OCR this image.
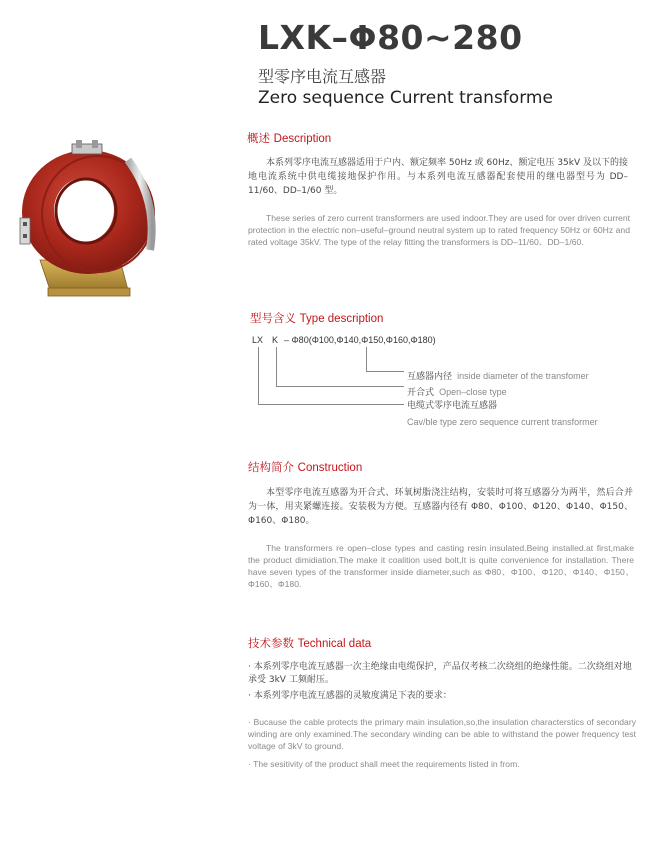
LXK–Φ80~280
型零序电流互感器
Zero sequence Current transforme
概述 Description
本系列零序电流互感器适用于户内、额定频率 50Hz 或 60Hz、额定电压 35kV 及以下的接地电流系统中供电缆接地保护作用。与本系列电流互感器配套使用的继电器型号为 DD–11/60、DD–1/60 型。
These series of zero current transformers are used indoor.They are used for over driven current protection in the electric non–useful–ground neutral system up to rated frequency 50Hz or 60Hz and rated voltage 35kV. The type of the relay fitting the transformers is DD–11/60、DD–1/60.
型号含义 Type description
LX K – Φ80(Φ100,Φ140,Φ150,Φ160,Φ180)
互感器内径 inside diameter of the transfomer
开合式 Open–close type
电缆式零序电流互感器
Cav/ble type zero sequence current transformer
结构简介 Construction
本型零序电流互感器为开合式、环氧树脂浇注结构，安装时可将互感器分为两半，然后合并为一体，用夹紧螺连接。安装极为方便。互感器内径有 Φ80、Φ100、Φ120、Φ140、Φ150、Φ160、Φ180。
The transformers re open–close types and casting resin insulated.Being installed.at first,make the product dimidiation.The make it coalition used bolt,It is quite convenience for installation. There have seven types of the transformer inside diameter,such as Φ80、Φ100、Φ120、Φ140、Φ150、Φ160、Φ180.
技术参数 Technical data
· 本系列零序电流互感器一次主绝缘由电缆保护，产品仅考核二次绕组的绝缘性能。二次绕组对地承受 3kV 工频耐压。
· 本系列零序电流互感器的灵敏度满足下表的要求：
· Bucause the cable protects the primary main insulation,so,the insulation characterstics of secondary winding are only examined.The secondary winding can be able to withstand the power frequency test voltage of 3kV to ground.
· The sesitivity of the product shall meet the requirements listed in from.
